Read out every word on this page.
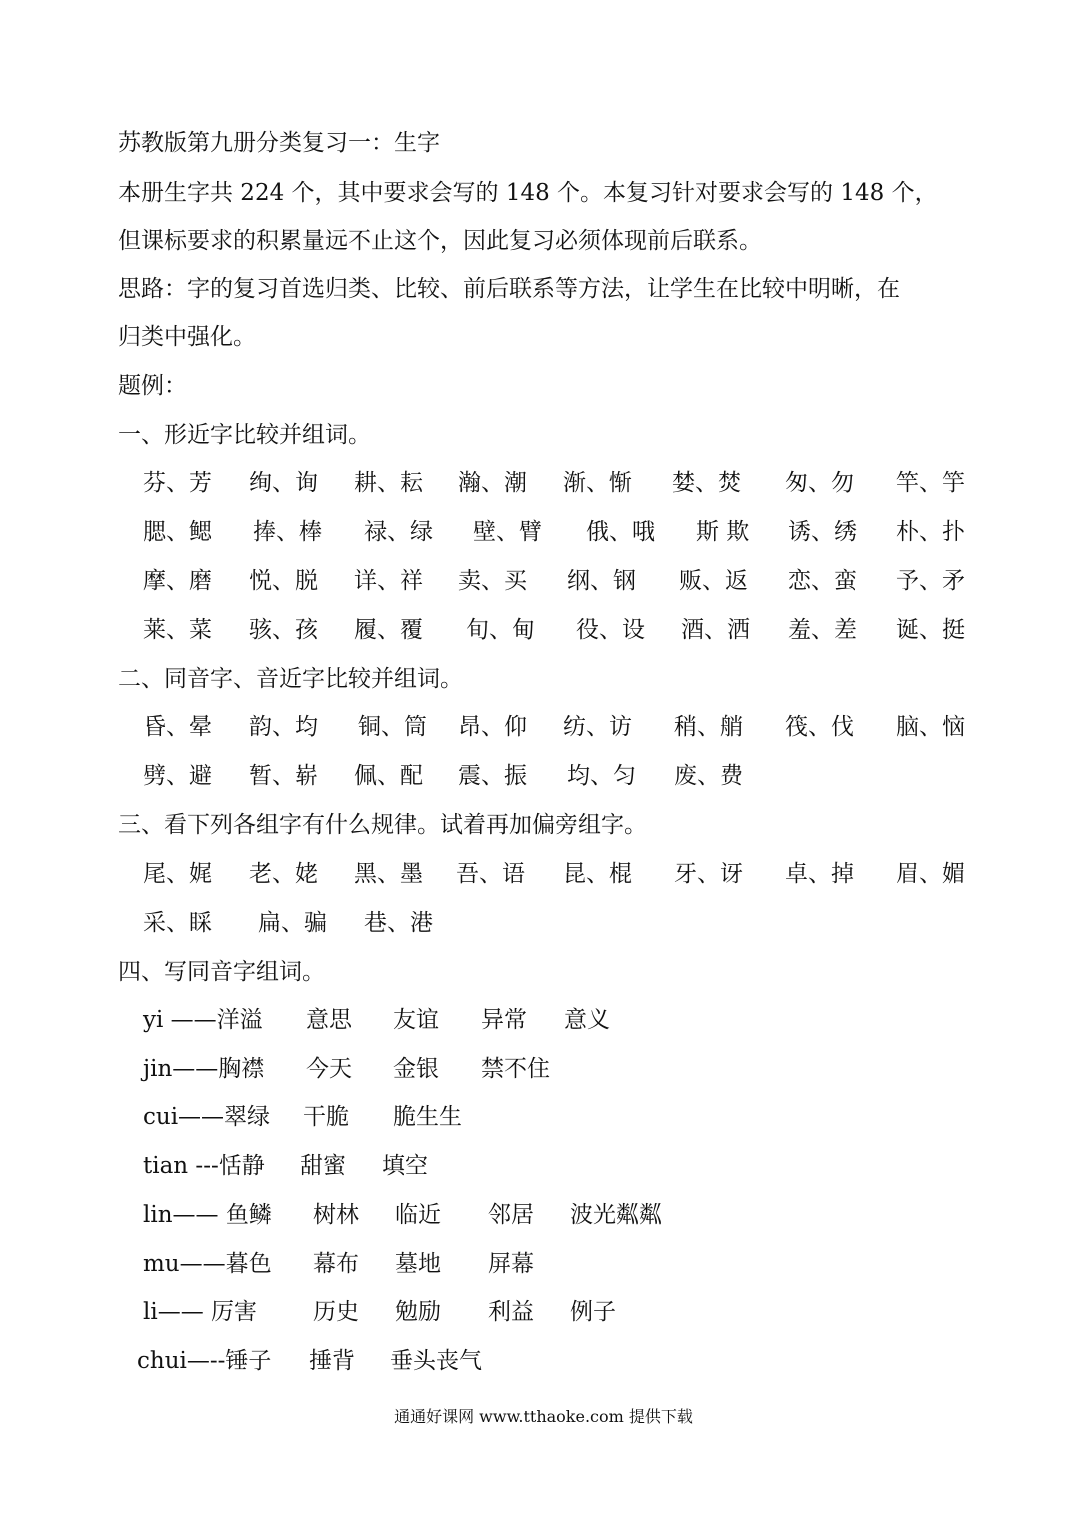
苏教版第九册分类复习一：生字
本册生字共 224 个，其中要求会写的 148 个。本复习针对要求会写的 148 个，
但课标要求的积累量远不止这个，因此复习必须体现前后联系。
思路：字的复习首选归类、比较、前后联系等方法，让学生在比较中明晰，在
归类中强化。
题例：
一、形近字比较并组词。
芬、芳 绚、询 耕、耘 瀚、潮 渐、惭 婪、焚 匆、勿 竿、竽
腮、鳃 捧、棒 禄、绿 壁、臂 俄、哦 斯 欺 诱、绣 朴、扑
摩、磨 悦、脱 详、祥 卖、买 纲、钢 贩、返 恋、蛮 予、矛
莱、菜 骇、孩 履、覆 旬、甸 役、设 酒、洒 羞、差 诞、挺
二、同音字、音近字比较并组词。
昏、晕 韵、均 铜、筒 昂、仰 纺、访 稍、艄 筏、伐 脑、恼
劈、避 暂、崭 佩、配 震、振 均、匀 废、费
三、看下列各组字有什么规律。试着再加偏旁组字。
尾、娓 老、姥 黑、墨 吾、语 昆、棍 牙、讶 卓、掉 眉、媚
采、睬 扁、骗 巷、港
四、写同音字组词。
yi ——洋溢 意思 友谊 异常 意义
jin——胸襟 今天 金银 禁不住
cui——翠绿 干脆 脆生生
tian ---恬静 甜蜜 填空
lin—— 鱼鳞 树林 临近 邻居 波光粼粼
mu——暮色 幕布 墓地 屏幕
li—— 厉害 历史 勉励 利益 例子
chui—--锤子 捶背 垂头丧气
通通好课网 www.tthaoke.com 提供下载
